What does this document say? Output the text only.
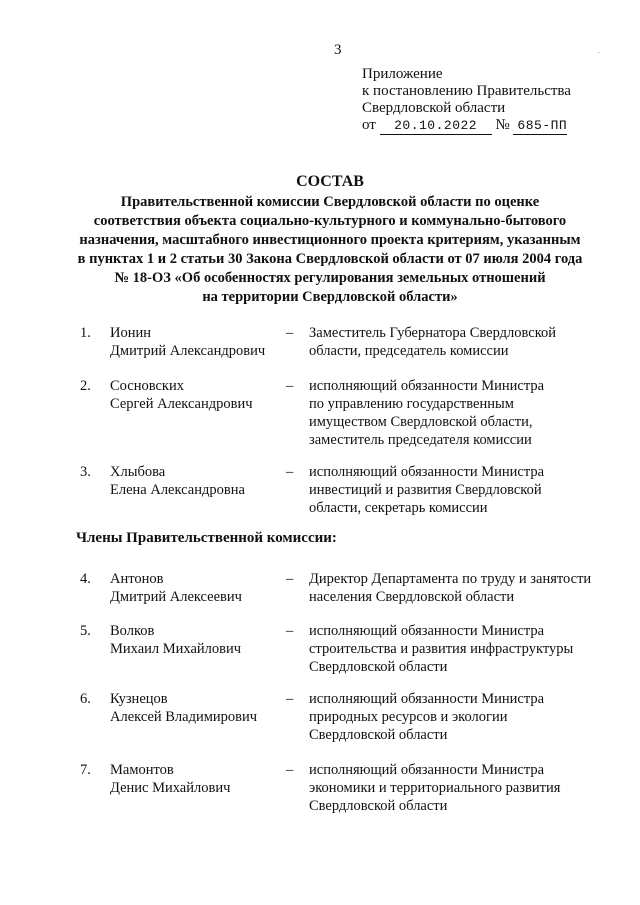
3	.
Приложение
к постановлению Правительства
Свердловской области
от 20.10.2022 № 685-ПП
СОСТАВ
Правительственной комиссии Свердловской области по оценке
соответствия объекта социально-культурного и коммунально-бытового
назначения, масштабного инвестиционного проекта критериям, указанным
в пунктах 1 и 2 статьи 30 Закона Свердловской области от 07 июля 2004 года
№ 18-ОЗ «Об особенностях регулирования земельных отношений
на территории Свердловской области»
1. Ионин
Дмитрий Александрович
– Заместитель Губернатора Свердловской
области, председатель комиссии
2. Сосновских
Сергей Александрович
– исполняющий обязанности Министра
по управлению государственным
имуществом Свердловской области,
заместитель председателя комиссии
3. Хлыбова
Елена Александровна
– исполняющий обязанности Министра
инвестиций и развития Свердловской
области, секретарь комиссии
Члены Правительственной комиссии:
4. Антонов
Дмитрий Алексеевич
– Директор Департамента по труду и занятости
населения Свердловской области
5. Волков
Михаил Михайлович
– исполняющий обязанности Министра
строительства и развития инфраструктуры
Свердловской области
6. Кузнецов
Алексей Владимирович
– исполняющий обязанности Министра
природных ресурсов и экологии
Свердловской области
7. Мамонтов
Денис Михайлович
– исполняющий обязанности Министра
экономики и территориального развития
Свердловской области
